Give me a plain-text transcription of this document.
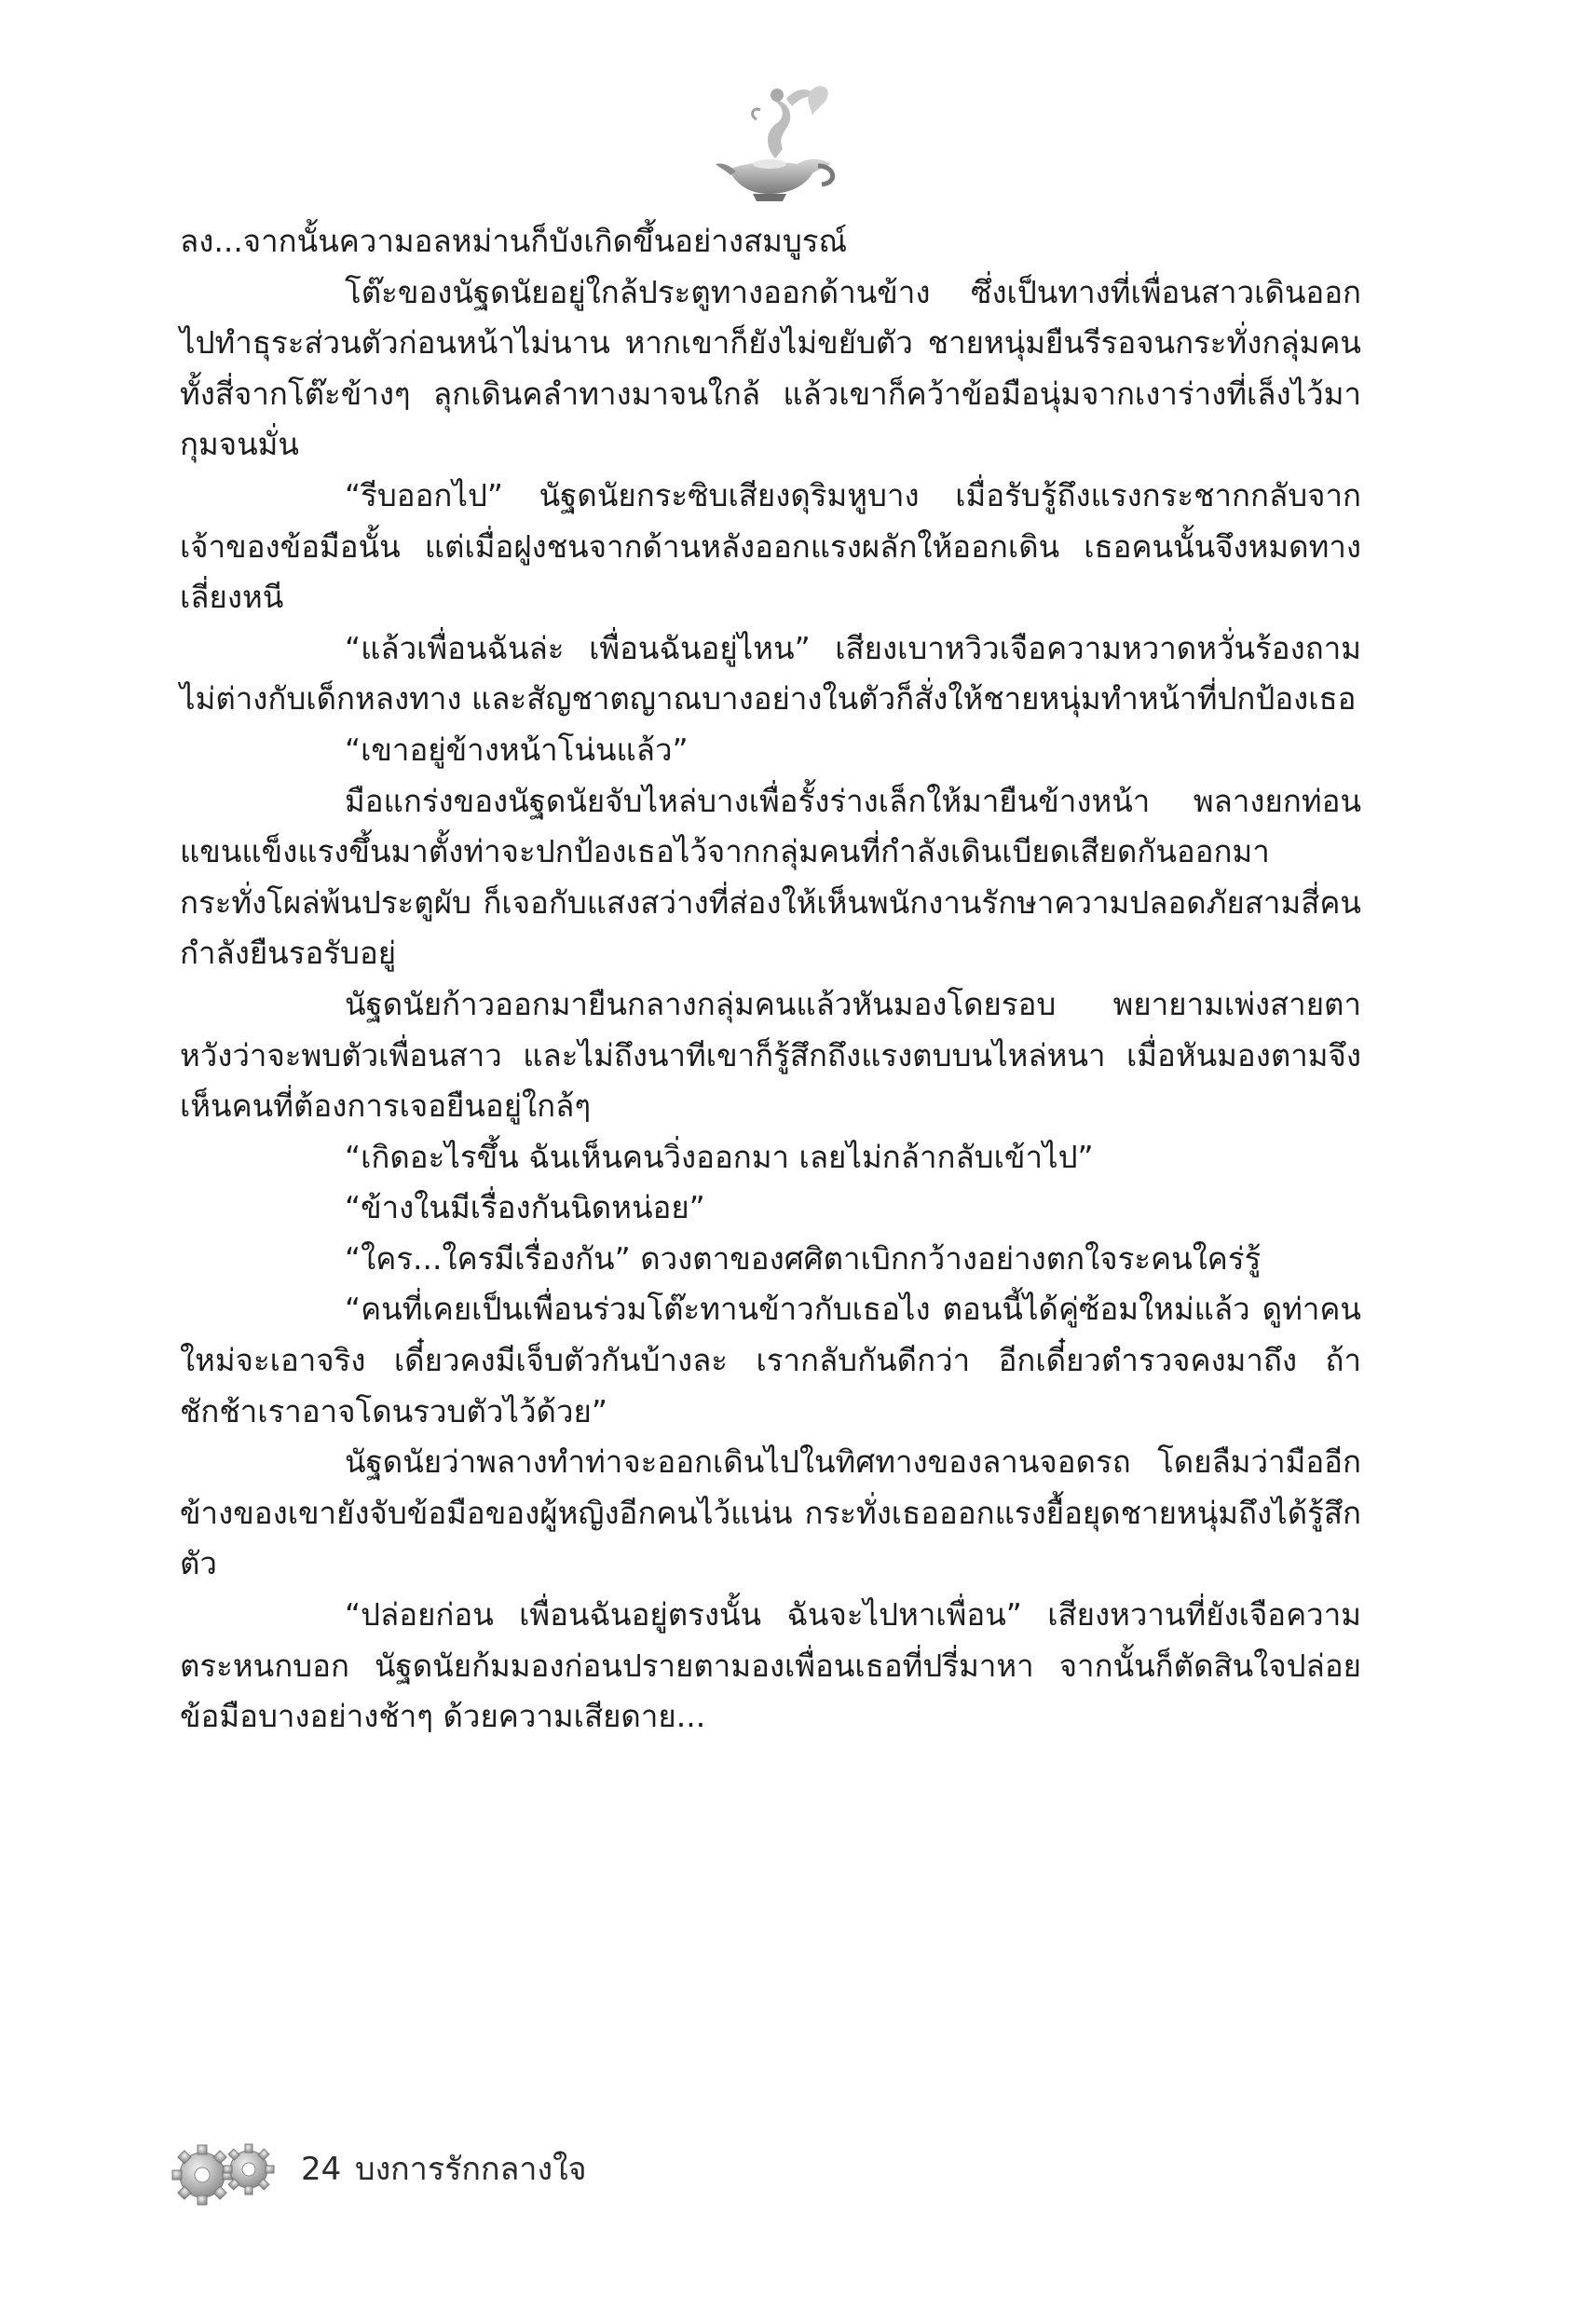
ลง...จากนั้นความอลหม่านก็บังเกิดขึ้นอย่างสมบูรณ์

โต๊ะของนัฐดนัยอยู่ใกล้ประตูทางออกด้านข้าง ซึ่งเป็นทางที่เพื่อนสาวเดินออกไปทำธุระส่วนตัวก่อนหน้าไม่นาน หากเขาก็ยังไม่ขยับตัว ชายหนุ่มยืนรีรอจนกระทั่งกลุ่มคนทั้งสี่จากโต๊ะข้างๆ ลุกเดินคลำทางมาจนใกล้ แล้วเขาก็คว้าข้อมือนุ่มจากเงาร่างที่เล็งไว้มากุมจนมั่น

“รีบออกไป” นัฐดนัยกระซิบเสียงดุริมหูบาง เมื่อรับรู้ถึงแรงกระชากกลับจากเจ้าของข้อมือนั้น แต่เมื่อฝูงชนจากด้านหลังออกแรงผลักให้ออกเดิน เธอคนนั้นจึงหมดทางเลี่ยงหนี

“แล้วเพื่อนฉันล่ะ เพื่อนฉันอยู่ไหน” เสียงเบาหวิวเจือความหวาดหวั่นร้องถามไม่ต่างกับเด็กหลงทาง และสัญชาตญาณบางอย่างในตัวก็สั่งให้ชายหนุ่มทำหน้าที่ปกป้องเธอ

“เขาอยู่ข้างหน้าโน่นแล้ว”

มือแกร่งของนัฐดนัยจับไหล่บางเพื่อรั้งร่างเล็กให้มายืนข้างหน้า พลางยกท่อนแขนแข็งแรงขึ้นมาตั้งท่าจะปกป้องเธอไว้จากกลุ่มคนที่กำลังเดินเบียดเสียดกันออกมา กระทั่งโผล่พ้นประตูผับ ก็เจอกับแสงสว่างที่ส่องให้เห็นพนักงานรักษาความปลอดภัยสามสี่คนกำลังยืนรอรับอยู่

นัฐดนัยก้าวออกมายืนกลางกลุ่มคนแล้วหันมองโดยรอบ พยายามเพ่งสายตาหวังว่าจะพบตัวเพื่อนสาว และไม่ถึงนาทีเขาก็รู้สึกถึงแรงตบบนไหล่หนา เมื่อหันมองตามจึงเห็นคนที่ต้องการเจอยืนอยู่ใกล้ๆ

“เกิดอะไรขึ้น ฉันเห็นคนวิ่งออกมา เลยไม่กล้ากลับเข้าไป”

“ข้างในมีเรื่องกันนิดหน่อย”

“ใคร...ใครมีเรื่องกัน” ดวงตาของศศิตาเบิกกว้างอย่างตกใจระคนใคร่รู้

“คนที่เคยเป็นเพื่อนร่วมโต๊ะทานข้าวกับเธอไง ตอนนี้ได้คู่ซ้อมใหม่แล้ว ดูท่าคนใหม่จะเอาจริง เดี๋ยวคงมีเจ็บตัวกันบ้างละ เรากลับกันดีกว่า อีกเดี๋ยวตำรวจคงมาถึง ถ้าชักช้าเราอาจโดนรวบตัวไว้ด้วย”

นัฐดนัยว่าพลางทำท่าจะออกเดินไปในทิศทางของลานจอดรถ โดยลืมว่ามืออีกข้างของเขายังจับข้อมือของผู้หญิงอีกคนไว้แน่น กระทั่งเธอออกแรงยื้อยุดชายหนุ่มถึงได้รู้สึกตัว

“ปล่อยก่อน เพื่อนฉันอยู่ตรงนั้น ฉันจะไปหาเพื่อน” เสียงหวานที่ยังเจือความตระหนกบอก นัฐดนัยก้มมองก่อนปรายตามองเพื่อนเธอที่ปรี่มาหา จากนั้นก็ตัดสินใจปล่อยข้อมือบางอย่างช้าๆ ด้วยความเสียดาย...

24 บงการรักกลางใจ
